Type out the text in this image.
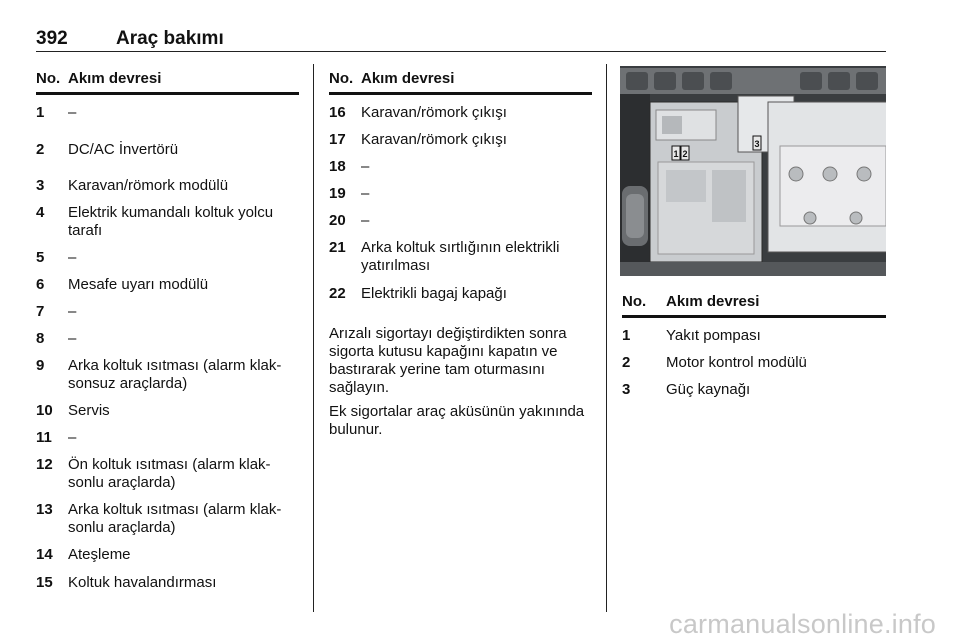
392	Araç bakımı
No. Akım devresi
1	–
2	DC/AC İnvertörü
3	Karavan/römork modülü
4	Elektrik kumandalı koltuk yolcu tarafı
5	–
6	Mesafe uyarı modülü
7	–
8	–
9	Arka koltuk ısıtması (alarm klak-sonsuz araçlarda)
10	Servis
11	–
12	Ön koltuk ısıtması (alarm klak-sonlu araçlarda)
13	Arka koltuk ısıtması (alarm klak-sonlu araçlarda)
14	Ateşleme
15	Koltuk havalandırması
No. Akım devresi
16	Karavan/römork çıkışı
17	Karavan/römork çıkışı
18	–
19	–
20	–
21	Arka koltuk sırtlığının elektrikli yatırılması
22	Elektrikli bagaj kapağı
Arızalı sigortayı değiştirdikten sonra sigorta kutusu kapağını kapatın ve bastırarak yerine tam oturmasını sağlayın.
Ek sigortalar araç aküsünün yakınında bulunur.
1 2
3
No.	Akım devresi
1	Yakıt pompası
2	Motor kontrol modülü
3	Güç kaynağı
carmanualsonline.info
